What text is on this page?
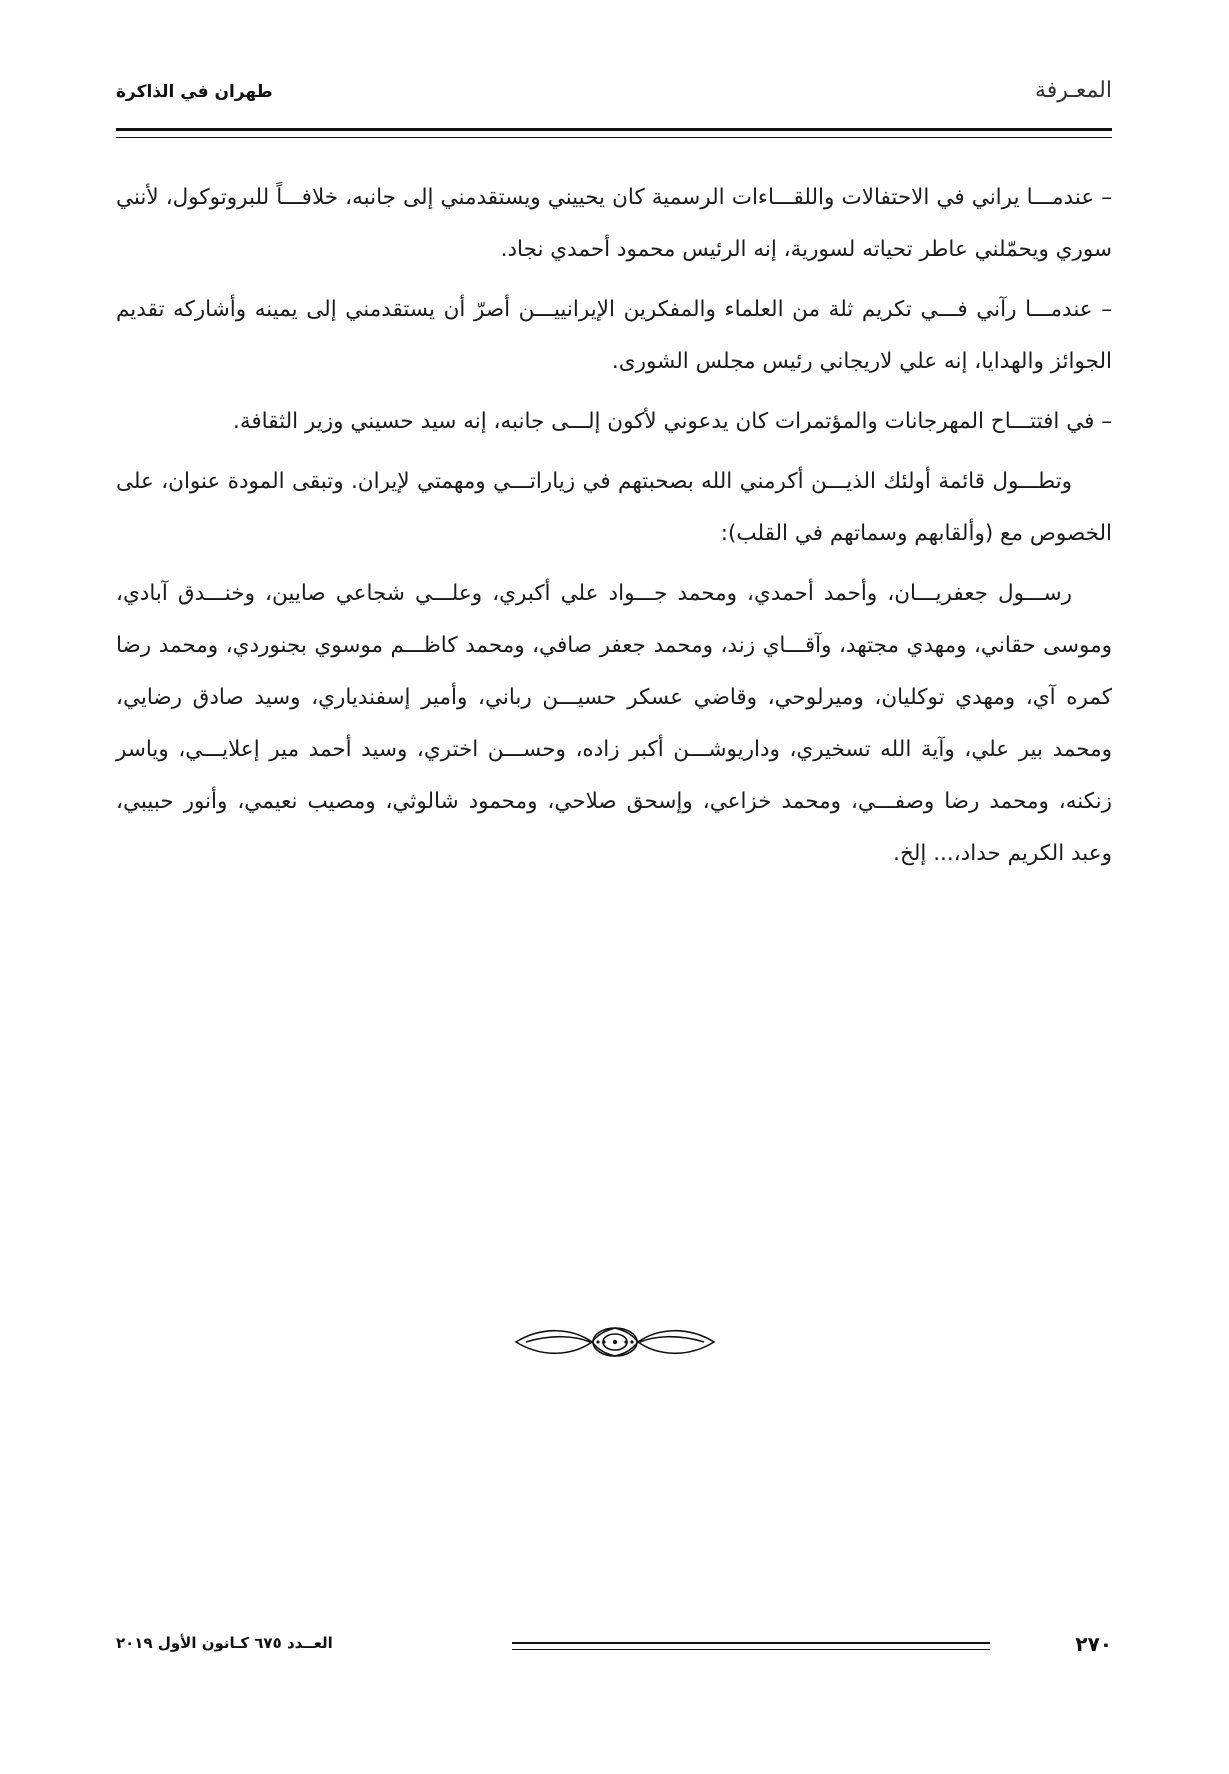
المعـرفة
طهران في الذاكرة

– عندمـــا يراني في الاحتفالات واللقـــاءات الرسمية كان يحييني ويستقدمني إلى جانبه، خلافـــاً للبروتوكول، لأنني سوري ويحمّلني عاطر تحياته لسورية، إنه الرئيس محمود أحمدي نجاد.

– عندمـــا رآني فـــي تكريم ثلة من العلماء والمفكرين الإيرانييـــن أصرّ أن يستقدمني إلى يمينه وأشاركه تقديم الجوائز والهدايا، إنه علي لاريجاني رئيس مجلس الشورى.

– في افتتـــاح المهرجانات والمؤتمرات كان يدعوني لأكون إلـــى جانبه، إنه سيد حسيني وزير الثقافة.

وتطـــول قائمة أولئك الذيـــن أكرمني الله بصحبتهم في زياراتـــي ومهمتي لإيران. وتبقى المودة عنوان، على الخصوص مع (وألقابهم وسماتهم في القلب):

رســـول جعفريـــان، وأحمد أحمدي، ومحمد جـــواد علي أكبري، وعلـــي شجاعي صايين، وخنـــدق آبادي، وموسى حقاني، ومهدي مجتهد، وآقـــاي زند، ومحمد جعفر صافي، ومحمد كاظـــم موسوي بجنوردي، ومحمد رضا كمره آي، ومهدي توكليان، وميرلوحي، وقاضي عسكر حسيـــن رباني، وأمير إسفندياري، وسيد صادق رضايي، ومحمد بير علي، وآية الله تسخيري، وداريوشـــن أكبر زاده، وحســـن اختري، وسيد أحمد مير إعلايـــي، وياسر زنكنه، ومحمد رضا وصفـــي، ومحمد خزاعي، وإسحق صلاحي، ومحمود شالوثي، ومصيب نعيمي، وأنور حبيبي، وعبد الكريم حداد،... إلخ.

٢٧٠
العــدد ٦٧٥ كـانون الأول ٢٠١٩
